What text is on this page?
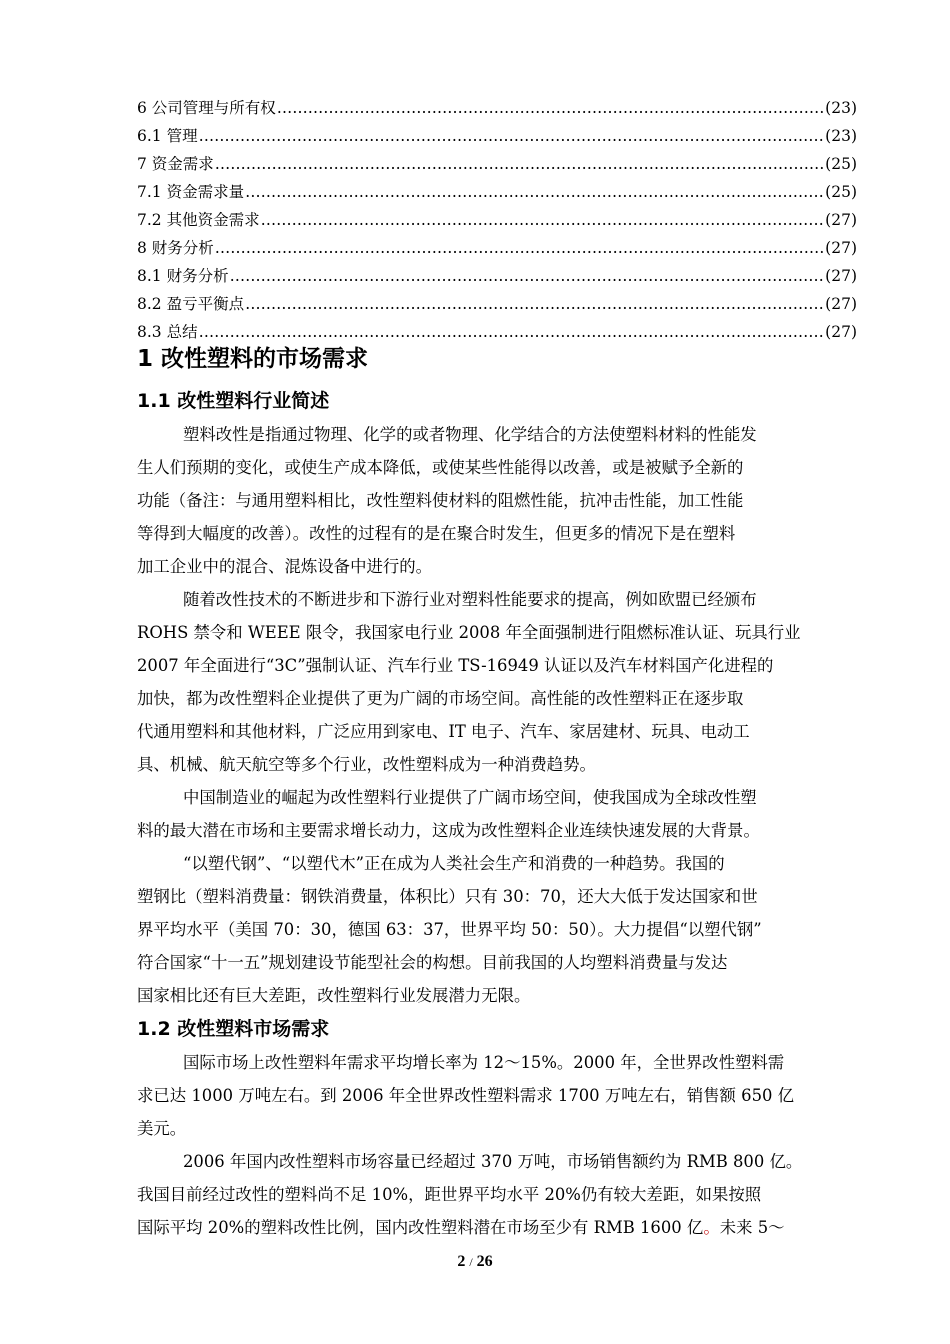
6 公司管理与所有权 ………………………………………………………………………………………………………………………………………………………………………………………………	(23)
6.1 管理 ………………………………………………………………………………………………………………………………………………………………………………………………	(23)
7 资金需求 ………………………………………………………………………………………………………………………………………………………………………………………………	(25)
7.1 资金需求量 ………………………………………………………………………………………………………………………………………………………………………………………………	(25)
7.2 其他资金需求 ………………………………………………………………………………………………………………………………………………………………………………………………	(27)
8 财务分析 ………………………………………………………………………………………………………………………………………………………………………………………………	(27)
8.1 财务分析 ………………………………………………………………………………………………………………………………………………………………………………………………	(27)
8.2 盈亏平衡点 ………………………………………………………………………………………………………………………………………………………………………………………………	(27)
8.3 总结 ………………………………………………………………………………………………………………………………………………………………………………………………	(27)
1 改性塑料的市场需求
1.1 改性塑料行业简述
塑料改性是指通过物理、化学的或者物理、化学结合的方法使塑料材料的性能发
生人们预期的变化，或使生产成本降低，或使某些性能得以改善，或是被赋予全新的
功能（备注：与通用塑料相比，改性塑料使材料的阻燃性能，抗冲击性能，加工性能
等得到大幅度的改善）。改性的过程有的是在聚合时发生，但更多的情况下是在塑料
加工企业中的混合、混炼设备中进行的。
随着改性技术的不断进步和下游行业对塑料性能要求的提高，例如欧盟已经颁布
ROHS 禁令和 WEEE 限令，我国家电行业 2008 年全面强制进行阻燃标准认证、玩具行业
2007 年全面进行“3C”强制认证、汽车行业 TS-16949 认证以及汽车材料国产化进程的
加快，都为改性塑料企业提供了更为广阔的市场空间。高性能的改性塑料正在逐步取
代通用塑料和其他材料，广泛应用到家电、IT 电子、汽车、家居建材、玩具、电动工
具、机械、航天航空等多个行业，改性塑料成为一种消费趋势。
中国制造业的崛起为改性塑料行业提供了广阔市场空间，使我国成为全球改性塑
料的最大潜在市场和主要需求增长动力，这成为改性塑料企业连续快速发展的大背景。
“以塑代钢”、“以塑代木”正在成为人类社会生产和消费的一种趋势。我国的
塑钢比（塑料消费量：钢铁消费量，体积比）只有 30：70，还大大低于发达国家和世
界平均水平（美国 70：30，德国 63：37，世界平均 50：50）。大力提倡“以塑代钢”
符合国家“十一五”规划建设节能型社会的构想。目前我国的人均塑料消费量与发达
国家相比还有巨大差距，改性塑料行业发展潜力无限。
1.2 改性塑料市场需求
国际市场上改性塑料年需求平均增长率为 12～15%。2000 年，全世界改性塑料需
求已达 1000 万吨左右。到 2006 年全世界改性塑料需求 1700 万吨左右，销售额 650 亿
美元。
2006 年国内改性塑料市场容量已经超过 370 万吨，市场销售额约为 RMB 800 亿。
我国目前经过改性的塑料尚不足 10%，距世界平均水平 20%仍有较大差距，如果按照
国际平均 20%的塑料改性比例，国内改性塑料潜在市场至少有 RMB 1600 亿。未来 5～
2 / 26
